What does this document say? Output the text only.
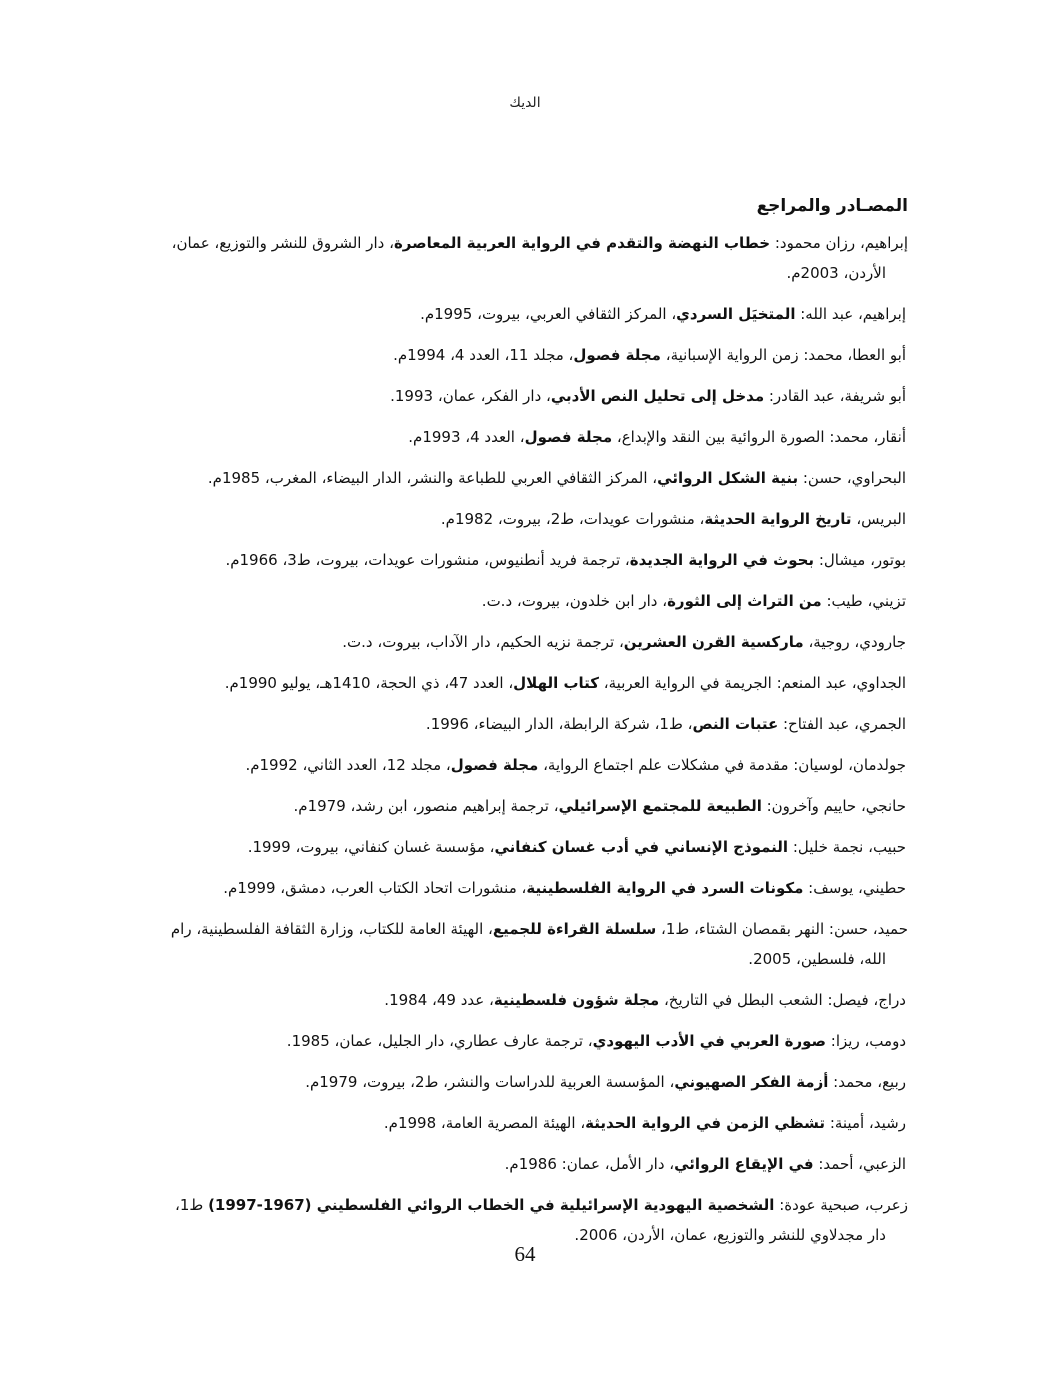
الديك
المصـادر والمراجع

إبراهيم، رزان محمود: خطاب النهضة والتقدم في الرواية العربية المعاصرة، دار الشروق للنشر والتوزيع، عمان، الأردن، 2003م.

إبراهيم، عبد الله: المتخيَل السردي، المركز الثقافي العربي، بيروت، 1995م.

أبو العطا، محمد: زمن الرواية الإسبانية، مجلة فصول، مجلد 11، العدد 4، 1994م.

أبو شريفة، عبد القادر: مدخل إلى تحليل النص الأدبي، دار الفكر، عمان، 1993.

أنقار، محمد: الصورة الروائية بين النقد والإبداع، مجلة فصول، العدد 4، 1993م.

البحراوي، حسن: بنية الشكل الروائي، المركز الثقافي العربي للطباعة والنشر، الدار البيضاء، المغرب، 1985م.

البريس، تاريخ الرواية الحديثة، منشورات عويدات، ط2، بيروت، 1982م.

بوتور، ميشال: بحوث في الرواية الجديدة، ترجمة فريد أنطنيوس، منشورات عويدات، بيروت، ط3، 1966م.

تزيني، طيب: من التراث إلى الثورة، دار ابن خلدون، بيروت، د.ت.

جارودي، روجية، ماركسية القرن العشرين، ترجمة نزيه الحكيم، دار الآداب، بيروت، د.ت.

الجداوي، عبد المنعم: الجريمة في الرواية العربية، كتاب الهلال، العدد 47، ذي الحجة، 1410هـ، يوليو 1990م.

الجمري، عبد الفتاح: عتبات النص، ط1، شركة الرابطة، الدار البيضاء، 1996.

جولدمان، لوسيان: مقدمة في مشكلات علم اجتماع الرواية، مجلة فصول، مجلد 12، العدد الثاني، 1992م.

حانجي، حاييم وآخرون: الطبيعة للمجتمع الإسرائيلي، ترجمة إبراهيم منصور، ابن رشد، 1979م.

حبيب، نجمة خليل: النموذج الإنساني في أدب غسان كنفاني، مؤسسة غسان كنفاني، بيروت، 1999.

حطيني، يوسف: مكونات السرد في الرواية الفلسطينية، منشورات اتحاد الكتاب العرب، دمشق، 1999م.

حميد، حسن: النهر بقمصان الشتاء، ط1، سلسلة القراءة للجميع، الهيئة العامة للكتاب، وزارة الثقافة الفلسطينية، رام الله، فلسطين، 2005.

دراج، فيصل: الشعب البطل في التاريخ، مجلة شؤون فلسطينية، عدد 49، 1984.

دومب، ريزا: صورة العربي في الأدب اليهودي، ترجمة عارف عطاري، دار الجليل، عمان، 1985.

ربيع، محمد: أزمة الفكر الصهيوني، المؤسسة العربية للدراسات والنشر، ط2، بيروت، 1979م.

رشيد، أمينة: تشظي الزمن في الرواية الحديثة، الهيئة المصرية العامة، 1998م.

الزعبي، أحمد: في الإيقاع الروائي، دار الأمل، عمان: 1986م.

زعرب، صبحية عودة: الشخصية اليهودية الإسرائيلية في الخطاب الروائي الفلسطيني (1967-1997) ط1، دار مجدلاوي للنشر والتوزيع، عمان، الأردن، 2006.

64
